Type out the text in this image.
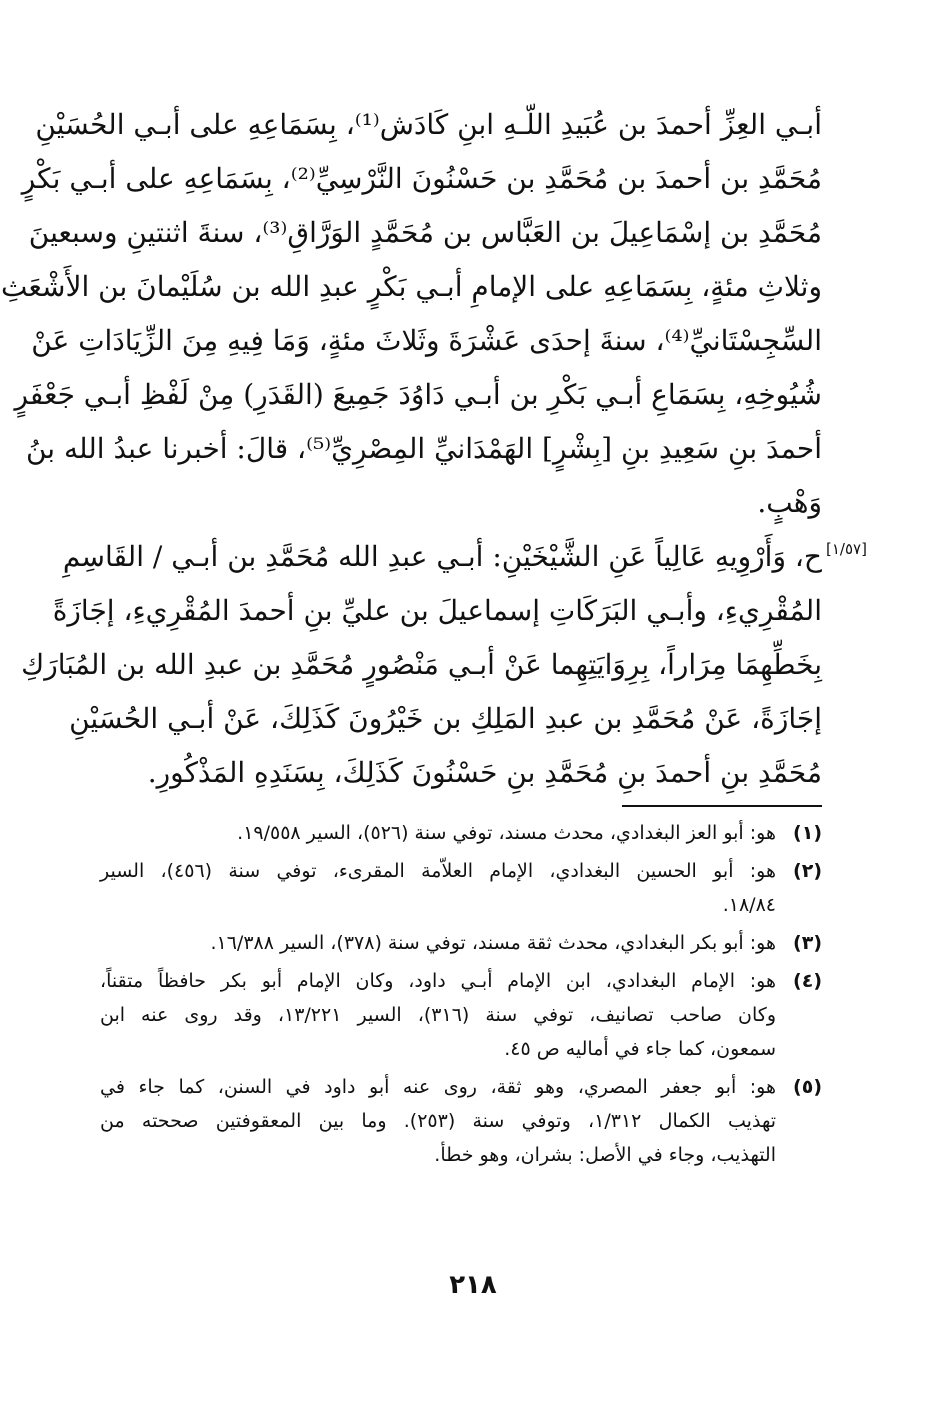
أبـي العِزِّ أحمدَ بن عُبَيدِ اللّـهِ ابنِ كَادَش⁽¹⁾، بِسَمَاعِهِ على أبـي الحُسَيْنِ
مُحَمَّدِ بن أحمدَ بن مُحَمَّدِ بن حَسْنُونَ النَّرْسِيِّ⁽²⁾، بِسَمَاعِهِ على أبـي بَكْرٍ
مُحَمَّدِ بن إسْمَاعِيلَ بن العَبَّاس بن مُحَمَّدٍ الوَرَّاقِ⁽³⁾، سنةَ اثنتينِ وسبعينَ
وثلاثِ مئةٍ، بِسَمَاعِهِ على الإمامِ أبـي بَكْرٍ عبدِ الله بن سُلَيْمانَ بن الأَشْعَثِ
السِّجِسْتَانيِّ⁽⁴⁾، سنةَ إحدَى عَشْرَةَ وثَلاثَ مئةٍ، وَمَا فِيهِ مِنَ الزِّيَادَاتِ عَنْ
شُيُوخِهِ، بِسَمَاعِ أبـي بَكْرِ بن أبـي دَاوُدَ جَمِيعَ (القَدَرِ) مِنْ لَفْظِ أبـي جَعْفَرٍ
أحمدَ بنِ سَعِيدِ بنِ [بِشْرٍ] الهَمْدَانيِّ المِصْرِيِّ⁽⁵⁾، قالَ: أخبرنا عبدُ الله بنُ
وَهْبٍ.
[١/٥٧]
ح، وَأَرْوِيهِ عَالِياً عَنِ الشَّيْخَيْنِ: أبـي عبدِ الله مُحَمَّدِ بن أبـي / القَاسِمِ
المُقْرِيءِ، وأبـي البَرَكَاتِ إسماعيلَ بن عليِّ بنِ أحمدَ المُقْرِيءِ، إجَازَةً
بِخَطِّهِمَا مِرَاراً، بِرِوَايَتِهِما عَنْ أبـي مَنْصُورٍ مُحَمَّدِ بن عبدِ الله بن المُبَارَكِ
إجَازَةً، عَنْ مُحَمَّدِ بن عبدِ المَلِكِ بن خَيْرُونَ كَذَلِكَ، عَنْ أبـي الحُسَيْنِ
مُحَمَّدِ بنِ أحمدَ بنِ مُحَمَّدِ بنِ حَسْنُونَ كَذَلِكَ، بِسَنَدِهِ المَذْكُورِ.
(١)
هو: أبو العز البغدادي، محدث مسند، توفي سنة (٥٢٦)، السير ١٩/٥٥٨.
(٢)
هو: أبو الحسين البغدادي، الإمام العلاّمة المقرىء، توفي سنة (٤٥٦)، السير
١٨/٨٤.
(٣)
هو: أبو بكر البغدادي، محدث ثقة مسند، توفي سنة (٣٧٨)، السير ١٦/٣٨٨.
(٤)
هو: الإمام البغدادي، ابن الإمام أبـي داود، وكان الإمام أبو بكر حافظاً متقناً،
وكان صاحب تصانيف، توفي سنة (٣١٦)، السير ١٣/٢٢١، وقد روى عنه ابن
سمعون، كما جاء في أماليه ص ٤٥.
(٥)
هو: أبو جعفر المصري، وهو ثقة، روى عنه أبو داود في السنن، كما جاء في
تهذيب الكمال ١/٣١٢، وتوفي سنة (٢٥٣). وما بين المعقوفتين صححته من
التهذيب، وجاء في الأصل: بشران، وهو خطأ.
٢١٨
